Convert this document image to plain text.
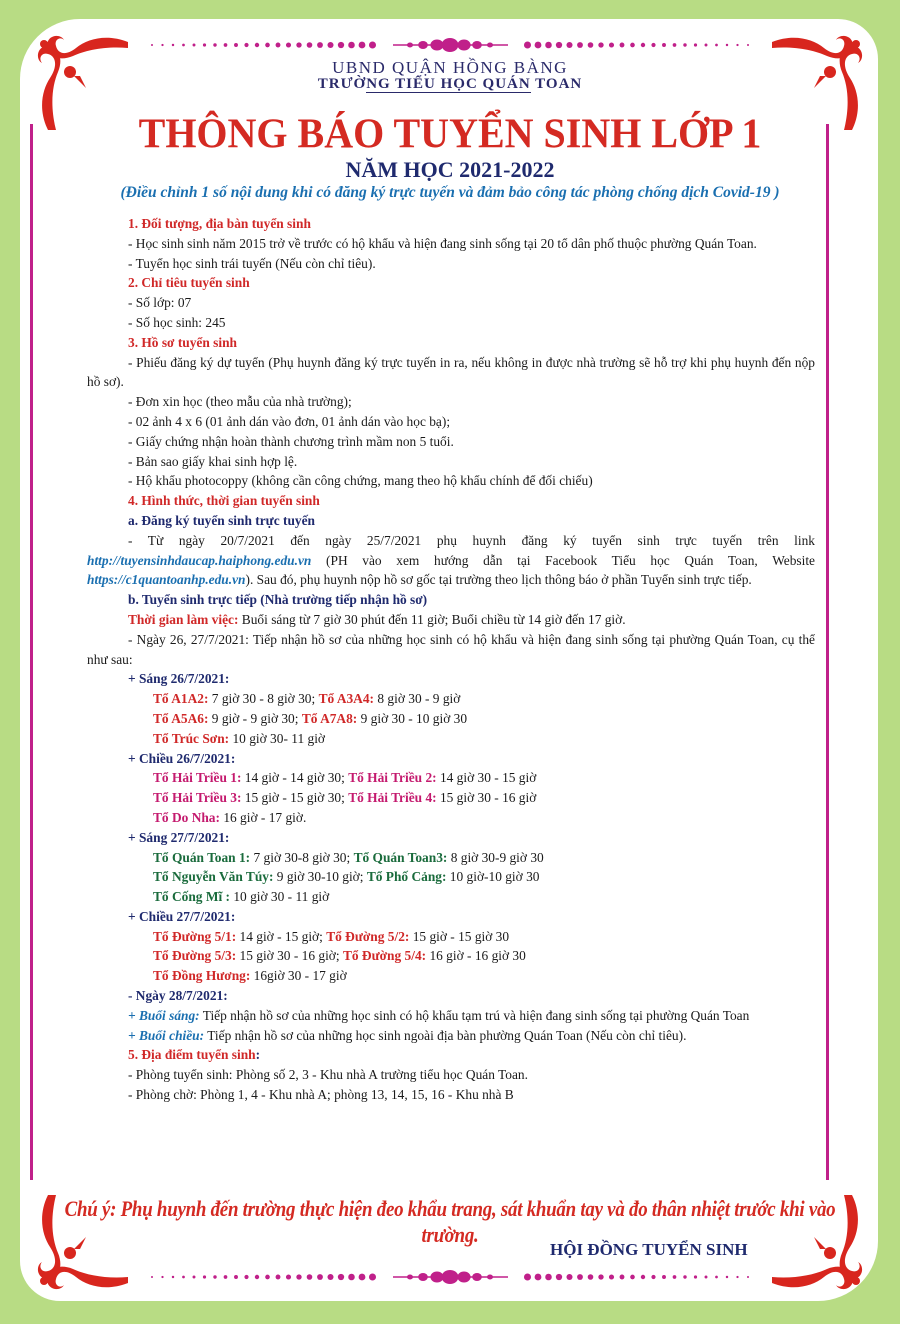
UBND QUẬN HỒNG BÀNG
TRƯỜNG TIỂU HỌC QUÁN TOAN
THÔNG BÁO TUYỂN SINH LỚP 1
NĂM HỌC 2021-2022
(Điều chỉnh 1 số nội dung khi có đăng ký trực tuyến và đảm bảo công tác phòng chống dịch Covid-19 )

1. Đối tượng, địa bàn tuyển sinh

- Học sinh sinh năm 2015 trở về trước có hộ khẩu và hiện đang sinh sống tại 20 tổ dân phố thuộc phường Quán Toan.

- Tuyển học sinh trái tuyến (Nếu còn chỉ tiêu).

2. Chỉ tiêu tuyển sinh

- Số lớp: 07

- Số học sinh: 245

3. Hồ sơ tuyển sinh

- Phiếu đăng ký dự tuyển (Phụ huynh đăng ký trực tuyến in ra, nếu không in được nhà trường sẽ hỗ trợ khi phụ huynh đến nộp hồ sơ).

- Đơn xin học (theo mẫu của nhà trường);

- 02 ảnh 4 x 6 (01 ảnh dán vào đơn, 01 ảnh dán vào học bạ);

- Giấy chứng nhận hoàn thành chương trình mầm non 5 tuổi.

- Bản sao giấy khai sinh hợp lệ.

- Hộ khẩu photocoppy (không cần công chứng, mang theo hộ khẩu chính để đối chiếu)

4. Hình thức, thời gian tuyển sinh

a. Đăng ký tuyển sinh trực tuyến

- Từ ngày 20/7/2021 đến ngày 25/7/2021 phụ huynh đăng ký tuyển sinh trực tuyến trên link http://tuyensinhdaucap.haiphong.edu.vn (PH vào xem hướng dẫn tại Facebook Tiểu học Quán Toan, Website https://c1quantoanhp.edu.vn). Sau đó, phụ huynh nộp hồ sơ gốc tại trường theo lịch thông báo ở phần Tuyển sinh trực tiếp.

b. Tuyển sinh trực tiếp (Nhà trường tiếp nhận hồ sơ)

Thời gian làm việc: Buổi sáng từ 7 giờ 30 phút đến 11 giờ; Buổi chiều từ 14 giờ đến 17 giờ.

- Ngày 26, 27/7/2021: Tiếp nhận hồ sơ của những học sinh có hộ khẩu và hiện đang sinh sống tại phường Quán Toan, cụ thể như sau:

+ Sáng 26/7/2021:

Tổ A1A2: 7 giờ 30 - 8 giờ 30; Tổ A3A4: 8 giờ 30 - 9 giờ

Tổ A5A6: 9 giờ - 9 giờ 30; Tổ A7A8: 9 giờ 30 - 10 giờ 30

Tổ Trúc Sơn: 10 giờ 30- 11 giờ

+ Chiều 26/7/2021:

Tổ Hải Triều 1: 14 giờ - 14 giờ 30; Tổ Hải Triều 2: 14 giờ 30 - 15 giờ

Tổ Hải Triều 3: 15 giờ - 15 giờ 30; Tổ Hải Triều 4: 15 giờ 30 - 16 giờ

Tổ Do Nha: 16 giờ - 17 giờ.

+ Sáng 27/7/2021:

Tổ Quán Toan 1: 7 giờ 30-8 giờ 30; Tổ Quán Toan3: 8 giờ 30-9 giờ 30

Tổ Nguyễn Văn Túy: 9 giờ 30-10 giờ; Tổ Phố Cảng: 10 giờ-10 giờ 30

Tổ Cống Mĩ : 10 giờ 30 - 11 giờ

+ Chiều 27/7/2021:

Tổ Đường 5/1: 14 giờ - 15 giờ; Tổ Đường 5/2: 15 giờ - 15 giờ 30

Tổ Đường 5/3: 15 giờ 30 - 16 giờ; Tổ Đường 5/4: 16 giờ - 16 giờ 30

Tổ Đồng Hương: 16giờ 30 - 17 giờ

- Ngày 28/7/2021:

+ Buổi sáng: Tiếp nhận hồ sơ của những học sinh có hộ khẩu tạm trú và hiện đang sinh sống tại phường Quán Toan

+ Buổi chiều: Tiếp nhận hồ sơ của những học sinh ngoài địa bàn phường Quán Toan (Nếu còn chỉ tiêu).

5. Địa điểm tuyển sinh:

- Phòng tuyển sinh: Phòng số 2, 3 - Khu nhà A trường tiểu học Quán Toan.

- Phòng chờ: Phòng 1, 4 - Khu nhà A; phòng 13, 14, 15, 16 - Khu nhà B

Chú ý: Phụ huynh đến trường thực hiện đeo khẩu trang, sát khuẩn tay và đo thân nhiệt trước khi vào trường.
HỘI ĐỒNG TUYỂN SINH
